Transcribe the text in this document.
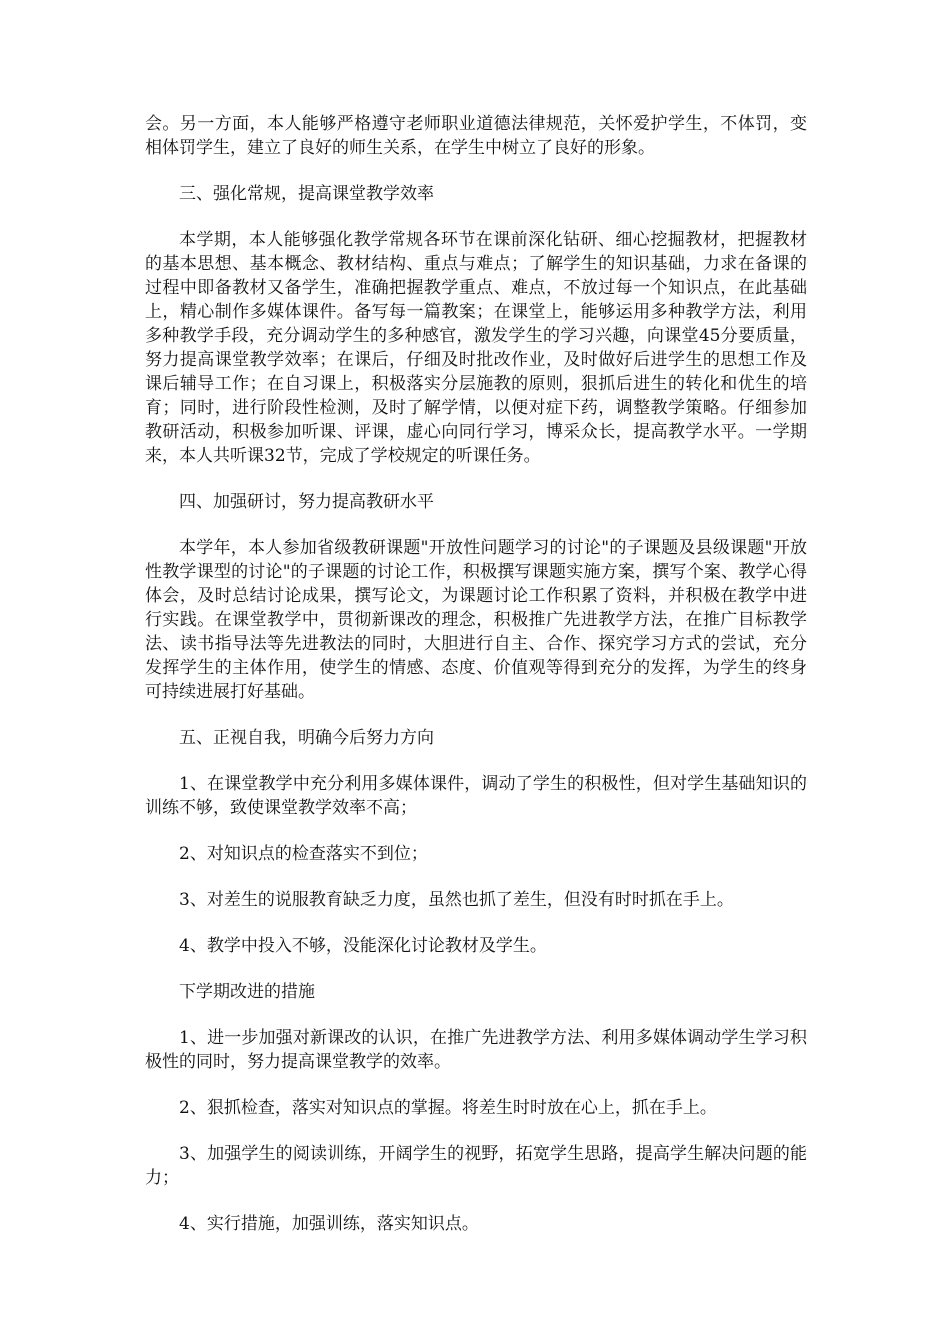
会。另一方面，本人能够严格遵守老师职业道德法律规范，关怀爱护学生，不体罚，变相体罚学生，建立了良好的师生关系，在学生中树立了良好的形象。

三、强化常规，提高课堂教学效率

本学期，本人能够强化教学常规各环节在课前深化钻研、细心挖掘教材，把握教材的基本思想、基本概念、教材结构、重点与难点；了解学生的知识基础，力求在备课的过程中即备教材又备学生，准确把握教学重点、难点，不放过每一个知识点，在此基础上，精心制作多媒体课件。备写每一篇教案；在课堂上，能够运用多种教学方法，利用多种教学手段，充分调动学生的多种感官，激发学生的学习兴趣，向课堂45分要质量，努力提高课堂教学效率；在课后，仔细及时批改作业，及时做好后进学生的思想工作及课后辅导工作；在自习课上，积极落实分层施教的原则，狠抓后进生的转化和优生的培育；同时，进行阶段性检测，及时了解学情，以便对症下药，调整教学策略。仔细参加教研活动，积极参加听课、评课，虚心向同行学习，博采众长，提高教学水平。一学期来，本人共听课32节，完成了学校规定的听课任务。

四、加强研讨，努力提高教研水平

本学年，本人参加省级教研课题"开放性问题学习的讨论"的子课题及县级课题"开放性教学课型的讨论"的子课题的讨论工作，积极撰写课题实施方案，撰写个案、教学心得体会，及时总结讨论成果，撰写论文，为课题讨论工作积累了资料，并积极在教学中进行实践。在课堂教学中，贯彻新课改的理念，积极推广先进教学方法，在推广目标教学法、读书指导法等先进教法的同时，大胆进行自主、合作、探究学习方式的尝试，充分发挥学生的主体作用，使学生的情感、态度、价值观等得到充分的发挥，为学生的终身可持续进展打好基础。

五、正视自我，明确今后努力方向

1、在课堂教学中充分利用多媒体课件，调动了学生的积极性，但对学生基础知识的训练不够，致使课堂教学效率不高；

2、对知识点的检查落实不到位；

3、对差生的说服教育缺乏力度，虽然也抓了差生，但没有时时抓在手上。

4、教学中投入不够，没能深化讨论教材及学生。

下学期改进的措施

1、进一步加强对新课改的认识，在推广先进教学方法、利用多媒体调动学生学习积极性的同时，努力提高课堂教学的效率。

2、狠抓检查，落实对知识点的掌握。将差生时时放在心上，抓在手上。

3、加强学生的阅读训练，开阔学生的视野，拓宽学生思路，提高学生解决问题的能力；

4、实行措施，加强训练，落实知识点。
